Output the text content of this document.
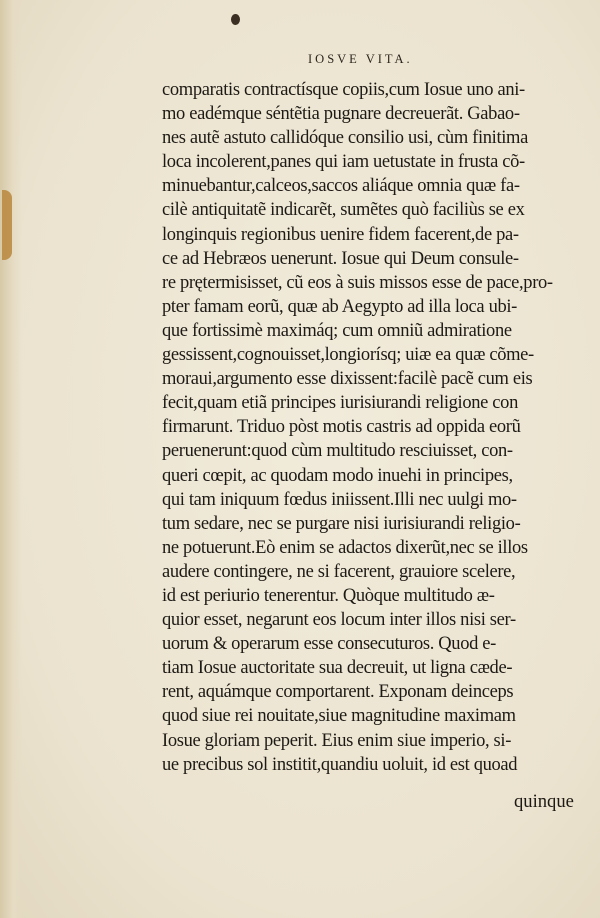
IOSVE VITA.
comparatis contractísque copiis,cum Iosue uno ani-
mo eadémque séntẽtia pugnare decreuerãt. Gabao-
nes autẽ astuto callidóque consilio usi, cùm finitima
loca incolerent,panes qui iam uetustate in frusta cõ-
minuebantur,calceos,saccos aliáque omnia quæ fa-
cilè antiquitatẽ indicarẽt, sumẽtes quò faciliùs se ex
longinquis regionibus uenire fidem facerent,de pa-
ce ad Hebræos uenerunt. Iosue qui Deum consule-
re prętermisisset, cũ eos à suis missos esse de pace,pro-
pter famam eorũ, quæ ab Aegypto ad illa loca ubi-
que fortissimè maximáq; cum omniũ admiratione
gessissent,cognouisset,longiorísq; uiæ ea quæ cõme-
moraui,argumento esse dixissent:facilè pacẽ cum eis
fecit,quam etiã principes iurisiurandi religione con
firmarunt. Triduo pòst motis castris ad oppida eorũ
peruenerunt:quod cùm multitudo resciuisset, con-
queri cœpit, ac quodam modo inuehi in principes,
qui tam iniquum fœdus iniissent.Illi nec uulgi mo-
tum sedare, nec se purgare nisi iurisiurandi religio-
ne potuerunt.Eò enim se adactos dixerũt,nec se illos
audere contingere, ne si facerent, grauiore scelere,
id est periurio tenerentur. Quòque multitudo æ-
quior esset, negarunt eos locum inter illos nisi ser-
uorum & operarum esse consecuturos. Quod e-
tiam Iosue auctoritate sua decreuit, ut ligna cæde-
rent, aquámque comportarent. Exponam deinceps
quod siue rei nouitate,siue magnitudine maximam
Iosue gloriam peperit. Eius enim siue imperio, si-
ue precibus sol institit,quandiu uoluit, id est quoad
quinque
